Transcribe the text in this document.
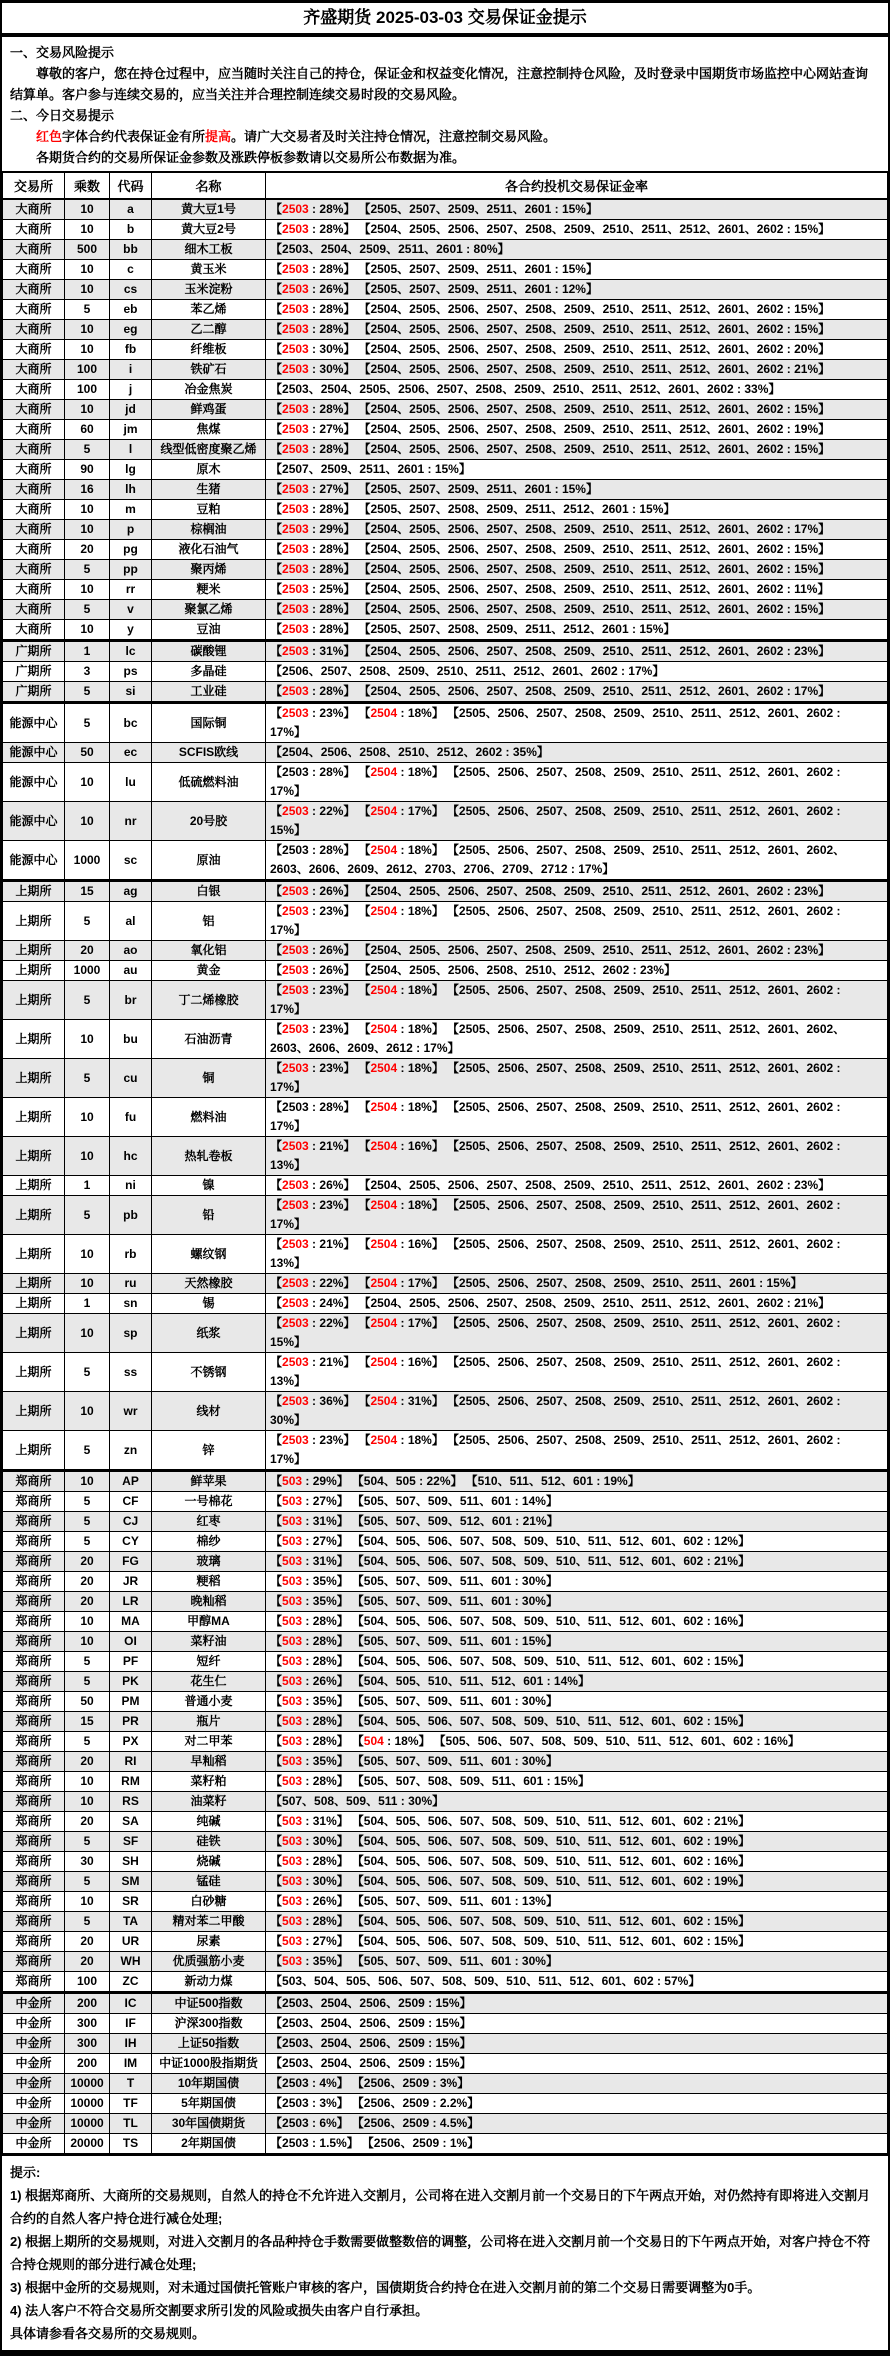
齐盛期货 2025-03-03 交易保证金提示

一、交易风险提示

尊敬的客户，您在持仓过程中，应当随时关注自己的持仓，保证金和权益变化情况，注意控制持仓风险，及时登录中国期货市场监控中心网站查询结算单。客户参与连续交易的，应当关注并合理控制连续交易时段的交易风险。

二、今日交易提示

红色字体合约代表保证金有所提高。请广大交易者及时关注持仓情况，注意控制交易风险。

各期货合约的交易所保证金参数及涨跌停板参数请以交易所公布数据为准。

交易所	乘数	代码	名称	各合约投机交易保证金率
大商所	10	a	黄大豆1号	【2503 : 28%】 【2505、2507、2509、2511、2601 : 15%】
大商所	10	b	黄大豆2号	【2503 : 28%】 【2504、2505、2506、2507、2508、2509、2510、2511、2512、2601、2602 : 15%】
大商所	500	bb	细木工板	【2503、2504、2509、2511、2601 : 80%】
大商所	10	c	黄玉米	【2503 : 28%】 【2505、2507、2509、2511、2601 : 15%】
大商所	10	cs	玉米淀粉	【2503 : 26%】 【2505、2507、2509、2511、2601 : 12%】
大商所	5	eb	苯乙烯	【2503 : 28%】 【2504、2505、2506、2507、2508、2509、2510、2511、2512、2601、2602 : 15%】
大商所	10	eg	乙二醇	【2503 : 28%】 【2504、2505、2506、2507、2508、2509、2510、2511、2512、2601、2602 : 15%】
大商所	10	fb	纤维板	【2503 : 30%】 【2504、2505、2506、2507、2508、2509、2510、2511、2512、2601、2602 : 20%】
大商所	100	i	铁矿石	【2503 : 30%】 【2504、2505、2506、2507、2508、2509、2510、2511、2512、2601、2602 : 21%】
大商所	100	j	冶金焦炭	【2503、2504、2505、2506、2507、2508、2509、2510、2511、2512、2601、2602 : 33%】
大商所	10	jd	鲜鸡蛋	【2503 : 28%】 【2504、2505、2506、2507、2508、2509、2510、2511、2512、2601、2602 : 15%】
大商所	60	jm	焦煤	【2503 : 27%】 【2504、2505、2506、2507、2508、2509、2510、2511、2512、2601、2602 : 19%】
大商所	5	l	线型低密度聚乙烯	【2503 : 28%】 【2504、2505、2506、2507、2508、2509、2510、2511、2512、2601、2602 : 15%】
大商所	90	lg	原木	【2507、2509、2511、2601 : 15%】
大商所	16	lh	生猪	【2503 : 27%】 【2505、2507、2509、2511、2601 : 15%】
大商所	10	m	豆粕	【2503 : 28%】 【2505、2507、2508、2509、2511、2512、2601 : 15%】
大商所	10	p	棕榈油	【2503 : 29%】 【2504、2505、2506、2507、2508、2509、2510、2511、2512、2601、2602 : 17%】
大商所	20	pg	液化石油气	【2503 : 28%】 【2504、2505、2506、2507、2508、2509、2510、2511、2512、2601、2602 : 15%】
大商所	5	pp	聚丙烯	【2503 : 28%】 【2504、2505、2506、2507、2508、2509、2510、2511、2512、2601、2602 : 15%】
大商所	10	rr	粳米	【2503 : 25%】 【2504、2505、2506、2507、2508、2509、2510、2511、2512、2601、2602 : 11%】
大商所	5	v	聚氯乙烯	【2503 : 28%】 【2504、2505、2506、2507、2508、2509、2510、2511、2512、2601、2602 : 15%】
大商所	10	y	豆油	【2503 : 28%】 【2505、2507、2508、2509、2511、2512、2601 : 15%】
广期所	1	lc	碳酸锂	【2503 : 31%】 【2504、2505、2506、2507、2508、2509、2510、2511、2512、2601、2602 : 23%】
广期所	3	ps	多晶硅	【2506、2507、2508、2509、2510、2511、2512、2601、2602 : 17%】
广期所	5	si	工业硅	【2503 : 28%】 【2504、2505、2506、2507、2508、2509、2510、2511、2512、2601、2602 : 17%】
能源中心	5	bc	国际铜	【2503 : 23%】 【2504 : 18%】 【2505、2506、2507、2508、2509、2510、2511、2512、2601、2602 : 17%】
能源中心	50	ec	SCFIS欧线	【2504、2506、2508、2510、2512、2602 : 35%】
能源中心	10	lu	低硫燃料油	【2503 : 28%】 【2504 : 18%】 【2505、2506、2507、2508、2509、2510、2511、2512、2601、2602 : 17%】
能源中心	10	nr	20号胶	【2503 : 22%】 【2504 : 17%】 【2505、2506、2507、2508、2509、2510、2511、2512、2601、2602 : 15%】
能源中心	1000	sc	原油	【2503 : 28%】 【2504 : 18%】 【2505、2506、2507、2508、2509、2510、2511、2512、2601、2602、2603、2606、2609、2612、2703、2706、2709、2712 : 17%】
上期所	15	ag	白银	【2503 : 26%】 【2504、2505、2506、2507、2508、2509、2510、2511、2512、2601、2602 : 23%】
上期所	5	al	铝	【2503 : 23%】 【2504 : 18%】 【2505、2506、2507、2508、2509、2510、2511、2512、2601、2602 : 17%】
上期所	20	ao	氧化铝	【2503 : 26%】 【2504、2505、2506、2507、2508、2509、2510、2511、2512、2601、2602 : 23%】
上期所	1000	au	黄金	【2503 : 26%】 【2504、2505、2506、2508、2510、2512、2602 : 23%】
上期所	5	br	丁二烯橡胶	【2503 : 23%】 【2504 : 18%】 【2505、2506、2507、2508、2509、2510、2511、2512、2601、2602 : 17%】
上期所	10	bu	石油沥青	【2503 : 23%】 【2504 : 18%】 【2505、2506、2507、2508、2509、2510、2511、2512、2601、2602、2603、2606、2609、2612 : 17%】
上期所	5	cu	铜	【2503 : 23%】 【2504 : 18%】 【2505、2506、2507、2508、2509、2510、2511、2512、2601、2602 : 17%】
上期所	10	fu	燃料油	【2503 : 28%】 【2504 : 18%】 【2505、2506、2507、2508、2509、2510、2511、2512、2601、2602 : 17%】
上期所	10	hc	热轧卷板	【2503 : 21%】 【2504 : 16%】 【2505、2506、2507、2508、2509、2510、2511、2512、2601、2602 : 13%】
上期所	1	ni	镍	【2503 : 26%】 【2504、2505、2506、2507、2508、2509、2510、2511、2512、2601、2602 : 23%】
上期所	5	pb	铅	【2503 : 23%】 【2504 : 18%】 【2505、2506、2507、2508、2509、2510、2511、2512、2601、2602 : 17%】
上期所	10	rb	螺纹钢	【2503 : 21%】 【2504 : 16%】 【2505、2506、2507、2508、2509、2510、2511、2512、2601、2602 : 13%】
上期所	10	ru	天然橡胶	【2503 : 22%】 【2504 : 17%】 【2505、2506、2507、2508、2509、2510、2511、2601 : 15%】
上期所	1	sn	锡	【2503 : 24%】 【2504、2505、2506、2507、2508、2509、2510、2511、2512、2601、2602 : 21%】
上期所	10	sp	纸浆	【2503 : 22%】 【2504 : 17%】 【2505、2506、2507、2508、2509、2510、2511、2512、2601、2602 : 15%】
上期所	5	ss	不锈钢	【2503 : 21%】 【2504 : 16%】 【2505、2506、2507、2508、2509、2510、2511、2512、2601、2602 : 13%】
上期所	10	wr	线材	【2503 : 36%】 【2504 : 31%】 【2505、2506、2507、2508、2509、2510、2511、2512、2601、2602 : 30%】
上期所	5	zn	锌	【2503 : 23%】 【2504 : 18%】 【2505、2506、2507、2508、2509、2510、2511、2512、2601、2602 : 17%】
郑商所	10	AP	鲜苹果	【503 : 29%】 【504、505 : 22%】 【510、511、512、601 : 19%】
郑商所	5	CF	一号棉花	【503 : 27%】 【505、507、509、511、601 : 14%】
郑商所	5	CJ	红枣	【503 : 31%】 【505、507、509、512、601 : 21%】
郑商所	5	CY	棉纱	【503 : 27%】 【504、505、506、507、508、509、510、511、512、601、602 : 12%】
郑商所	20	FG	玻璃	【503 : 31%】 【504、505、506、507、508、509、510、511、512、601、602 : 21%】
郑商所	20	JR	粳稻	【503 : 35%】 【505、507、509、511、601 : 30%】
郑商所	20	LR	晚籼稻	【503 : 35%】 【505、507、509、511、601 : 30%】
郑商所	10	MA	甲醇MA	【503 : 28%】 【504、505、506、507、508、509、510、511、512、601、602 : 16%】
郑商所	10	OI	菜籽油	【503 : 28%】 【505、507、509、511、601 : 15%】
郑商所	5	PF	短纤	【503 : 28%】 【504、505、506、507、508、509、510、511、512、601、602 : 15%】
郑商所	5	PK	花生仁	【503 : 26%】 【504、505、510、511、512、601 : 14%】
郑商所	50	PM	普通小麦	【503 : 35%】 【505、507、509、511、601 : 30%】
郑商所	15	PR	瓶片	【503 : 28%】 【504、505、506、507、508、509、510、511、512、601、602 : 15%】
郑商所	5	PX	对二甲苯	【503 : 28%】 【504 : 18%】 【505、506、507、508、509、510、511、512、601、602 : 16%】
郑商所	20	RI	早籼稻	【503 : 35%】 【505、507、509、511、601 : 30%】
郑商所	10	RM	菜籽粕	【503 : 28%】 【505、507、508、509、511、601 : 15%】
郑商所	10	RS	油菜籽	【507、508、509、511 : 30%】
郑商所	20	SA	纯碱	【503 : 31%】 【504、505、506、507、508、509、510、511、512、601、602 : 21%】
郑商所	5	SF	硅铁	【503 : 30%】 【504、505、506、507、508、509、510、511、512、601、602 : 19%】
郑商所	30	SH	烧碱	【503 : 28%】 【504、505、506、507、508、509、510、511、512、601、602 : 16%】
郑商所	5	SM	锰硅	【503 : 30%】 【504、505、506、507、508、509、510、511、512、601、602 : 19%】
郑商所	10	SR	白砂糖	【503 : 26%】 【505、507、509、511、601 : 13%】
郑商所	5	TA	精对苯二甲酸	【503 : 28%】 【504、505、506、507、508、509、510、511、512、601、602 : 15%】
郑商所	20	UR	尿素	【503 : 27%】 【504、505、506、507、508、509、510、511、512、601、602 : 15%】
郑商所	20	WH	优质强筋小麦	【503 : 35%】 【505、507、509、511、601 : 30%】
郑商所	100	ZC	新动力煤	【503、504、505、506、507、508、509、510、511、512、601、602 : 57%】
中金所	200	IC	中证500指数	【2503、2504、2506、2509 : 15%】
中金所	300	IF	沪深300指数	【2503、2504、2506、2509 : 15%】
中金所	300	IH	上证50指数	【2503、2504、2506、2509 : 15%】
中金所	200	IM	中证1000股指期货	【2503、2504、2506、2509 : 15%】
中金所	10000	T	10年期国债	【2503 : 4%】 【2506、2509 : 3%】
中金所	10000	TF	5年期国债	【2503 : 3%】 【2506、2509 : 2.2%】
中金所	10000	TL	30年国债期货	【2503 : 6%】 【2506、2509 : 4.5%】
中金所	20000	TS	2年期国债	【2503 : 1.5%】 【2506、2509 : 1%】

提示:

1) 根据郑商所、大商所的交易规则，自然人的持仓不允许进入交割月，公司将在进入交割月前一个交易日的下午两点开始，对仍然持有即将进入交割月合约的自然人客户持仓进行减仓处理;

2) 根据上期所的交易规则，对进入交割月的各品种持仓手数需要做整数倍的调整，公司将在进入交割月前一个交易日的下午两点开始，对客户持仓不符合持仓规则的部分进行减仓处理;

3) 根据中金所的交易规则，对未通过国债托管账户审核的客户，国债期货合约持仓在进入交割月前的第二个交易日需要调整为0手。

4) 法人客户不符合交易所交割要求所引发的风险或损失由客户自行承担。

具体请参看各交易所的交易规则。
